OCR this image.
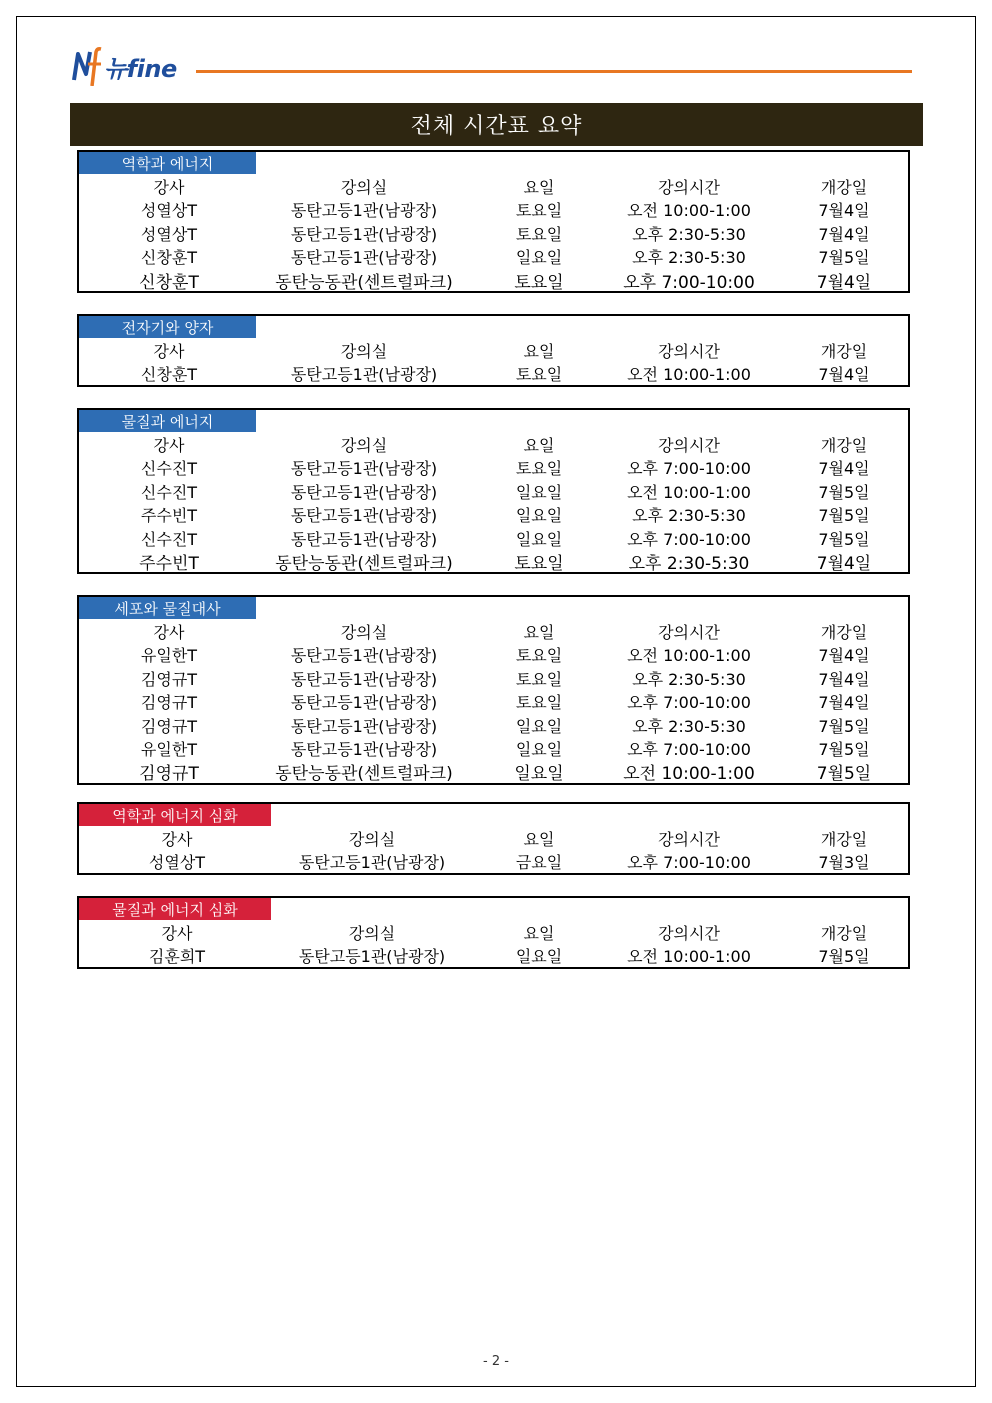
뉴fine
전체 시간표 요약
역학과 에너지
강사	강의실	요일	강의시간	개강일
성열상T	동탄고등1관(남광장)	토요일	오전 10:00-1:00	7월4일
성열상T	동탄고등1관(남광장)	토요일	오후 2:30-5:30	7월4일
신창훈T	동탄고등1관(남광장)	일요일	오후 2:30-5:30	7월5일
신창훈T	동탄능동관(센트럴파크)	토요일	오후 7:00-10:00	7월4일
전자기와 양자
강사	강의실	요일	강의시간	개강일
신창훈T	동탄고등1관(남광장)	토요일	오전 10:00-1:00	7월4일
물질과 에너지
강사	강의실	요일	강의시간	개강일
신수진T	동탄고등1관(남광장)	토요일	오후 7:00-10:00	7월4일
신수진T	동탄고등1관(남광장)	일요일	오전 10:00-1:00	7월5일
주수빈T	동탄고등1관(남광장)	일요일	오후 2:30-5:30	7월5일
신수진T	동탄고등1관(남광장)	일요일	오후 7:00-10:00	7월5일
주수빈T	동탄능동관(센트럴파크)	토요일	오후 2:30-5:30	7월4일
세포와 물질대사
강사	강의실	요일	강의시간	개강일
유일한T	동탄고등1관(남광장)	토요일	오전 10:00-1:00	7월4일
김영규T	동탄고등1관(남광장)	토요일	오후 2:30-5:30	7월4일
김영규T	동탄고등1관(남광장)	토요일	오후 7:00-10:00	7월4일
김영규T	동탄고등1관(남광장)	일요일	오후 2:30-5:30	7월5일
유일한T	동탄고등1관(남광장)	일요일	오후 7:00-10:00	7월5일
김영규T	동탄능동관(센트럴파크)	일요일	오전 10:00-1:00	7월5일
역학과 에너지 심화
강사	강의실	요일	강의시간	개강일
성열상T	동탄고등1관(남광장)	금요일	오후 7:00-10:00	7월3일
물질과 에너지 심화
강사	강의실	요일	강의시간	개강일
김훈희T	동탄고등1관(남광장)	일요일	오전 10:00-1:00	7월5일
- 2 -
